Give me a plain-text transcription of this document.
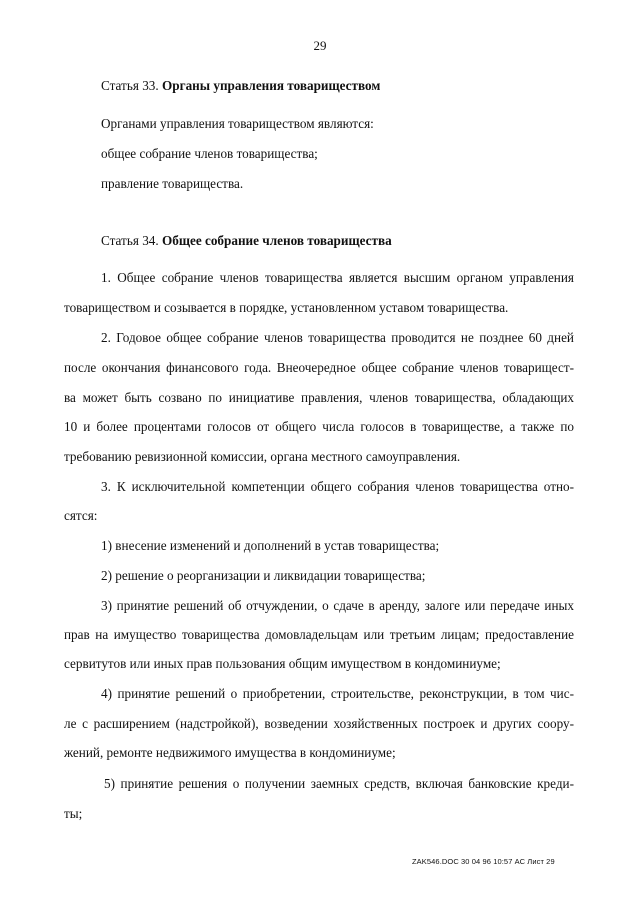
29
Статья 33. Органы управления товариществом
Органами управления товариществом являются:
общее собрание членов товарищества;
правление товарищества.
Статья 34. Общее собрание членов товарищества
1. Общее собрание членов товарищества является высшим органом управления
товариществом и созывается в порядке, установленном уставом товарищества.
2. Годовое общее собрание членов товарищества проводится не позднее 60 дней
после окончания финансового года. Внеочередное общее собрание членов товарищест-
ва может быть созвано по инициативе правления, членов товарищества, обладающих
10 и более процентами голосов от общего числа голосов в товариществе, а также по
требованию ревизионной комиссии, органа местного самоуправления.
3. К исключительной компетенции общего собрания членов товарищества отно-
сятся:
1) внесение изменений и дополнений в устав товарищества;
2) решение о реорганизации и ликвидации товарищества;
3) принятие решений об отчуждении, о сдаче в аренду, залоге или передаче иных
прав на имущество товарищества домовладельцам или третьим лицам; предоставление
сервитутов или иных прав пользования общим имуществом в кондоминиуме;
4) принятие решений о приобретении, строительстве, реконструкции, в том чис-
ле с расширением (надстройкой), возведении хозяйственных построек и других соору-
жений, ремонте недвижимого имущества в кондоминиуме;
5) принятие решения о получении заемных средств, включая банковские креди-
ты;
ZAK546.DOC 30 04 96 10:57 АС Лист 29
